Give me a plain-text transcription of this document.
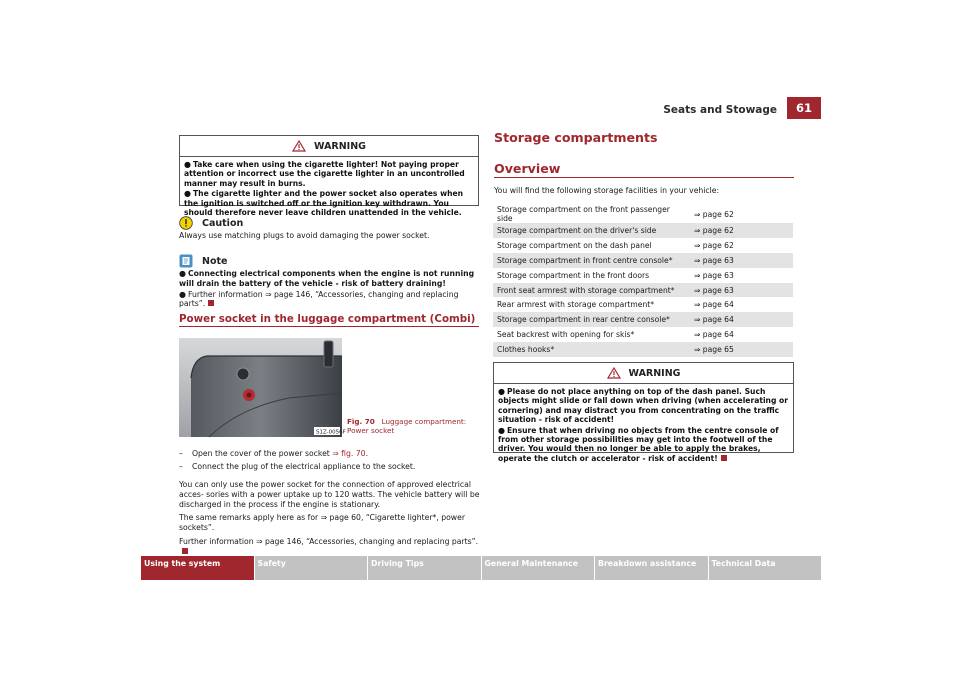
Seats and Stowage	61
WARNING

● Take care when using the cigarette lighter! Not paying proper attention or incorrect use the cigarette lighter in an uncontrolled manner may result in burns.

● The cigarette lighter and the power socket also operates when the ignition is switched off or the ignition key withdrawn. You should therefore never leave children unattended in the vehicle.

Caution
Always use matching plugs to avoid damaging the power socket.
Note
● Connecting electrical components when the engine is not running will drain the battery of the vehicle - risk of battery draining!
● Further information ⇒ page 146, “Accessories, changing and replacing parts”.
Power socket in the luggage compartment (Combi)
S1Z-0056F
Fig. 70 Luggage compartment: Power socket
– Open the cover of the power socket ⇒ fig. 70.
– Connect the plug of the electrical appliance to the socket.
You can only use the power socket for the connection of approved electrical acces- sories with a power uptake up to 120 watts. The vehicle battery will be discharged in the process if the engine is stationary.
The same remarks apply here as for ⇒ page 60, “Cigarette lighter*, power sockets”.
Further information ⇒ page 146, “Accessories, changing and replacing parts”.
Storage compartments
Overview
You will find the following storage facilities in your vehicle:
Storage compartment on the front passenger side	⇒ page 62
Storage compartment on the driver's side	⇒ page 62
Storage compartment on the dash panel	⇒ page 62
Storage compartment in front centre console*	⇒ page 63
Storage compartment in the front doors	⇒ page 63
Front seat armrest with storage compartment*	⇒ page 63
Rear armrest with storage compartment*	⇒ page 64
Storage compartment in rear centre console*	⇒ page 64
Seat backrest with opening for skis*	⇒ page 64
Clothes hooks*	⇒ page 65
WARNING

● Please do not place anything on top of the dash panel. Such objects might slide or fall down when driving (when accelerating or cornering) and may distract you from concentrating on the traffic situation - risk of accident!

● Ensure that when driving no objects from the centre console of from other storage possibilities may get into the footwell of the driver. You would then no longer be able to apply the brakes, operate the clutch or accelerator - risk of accident!

Using the system	Safety	Driving Tips	General Maintenance	Breakdown assistance	Technical Data
